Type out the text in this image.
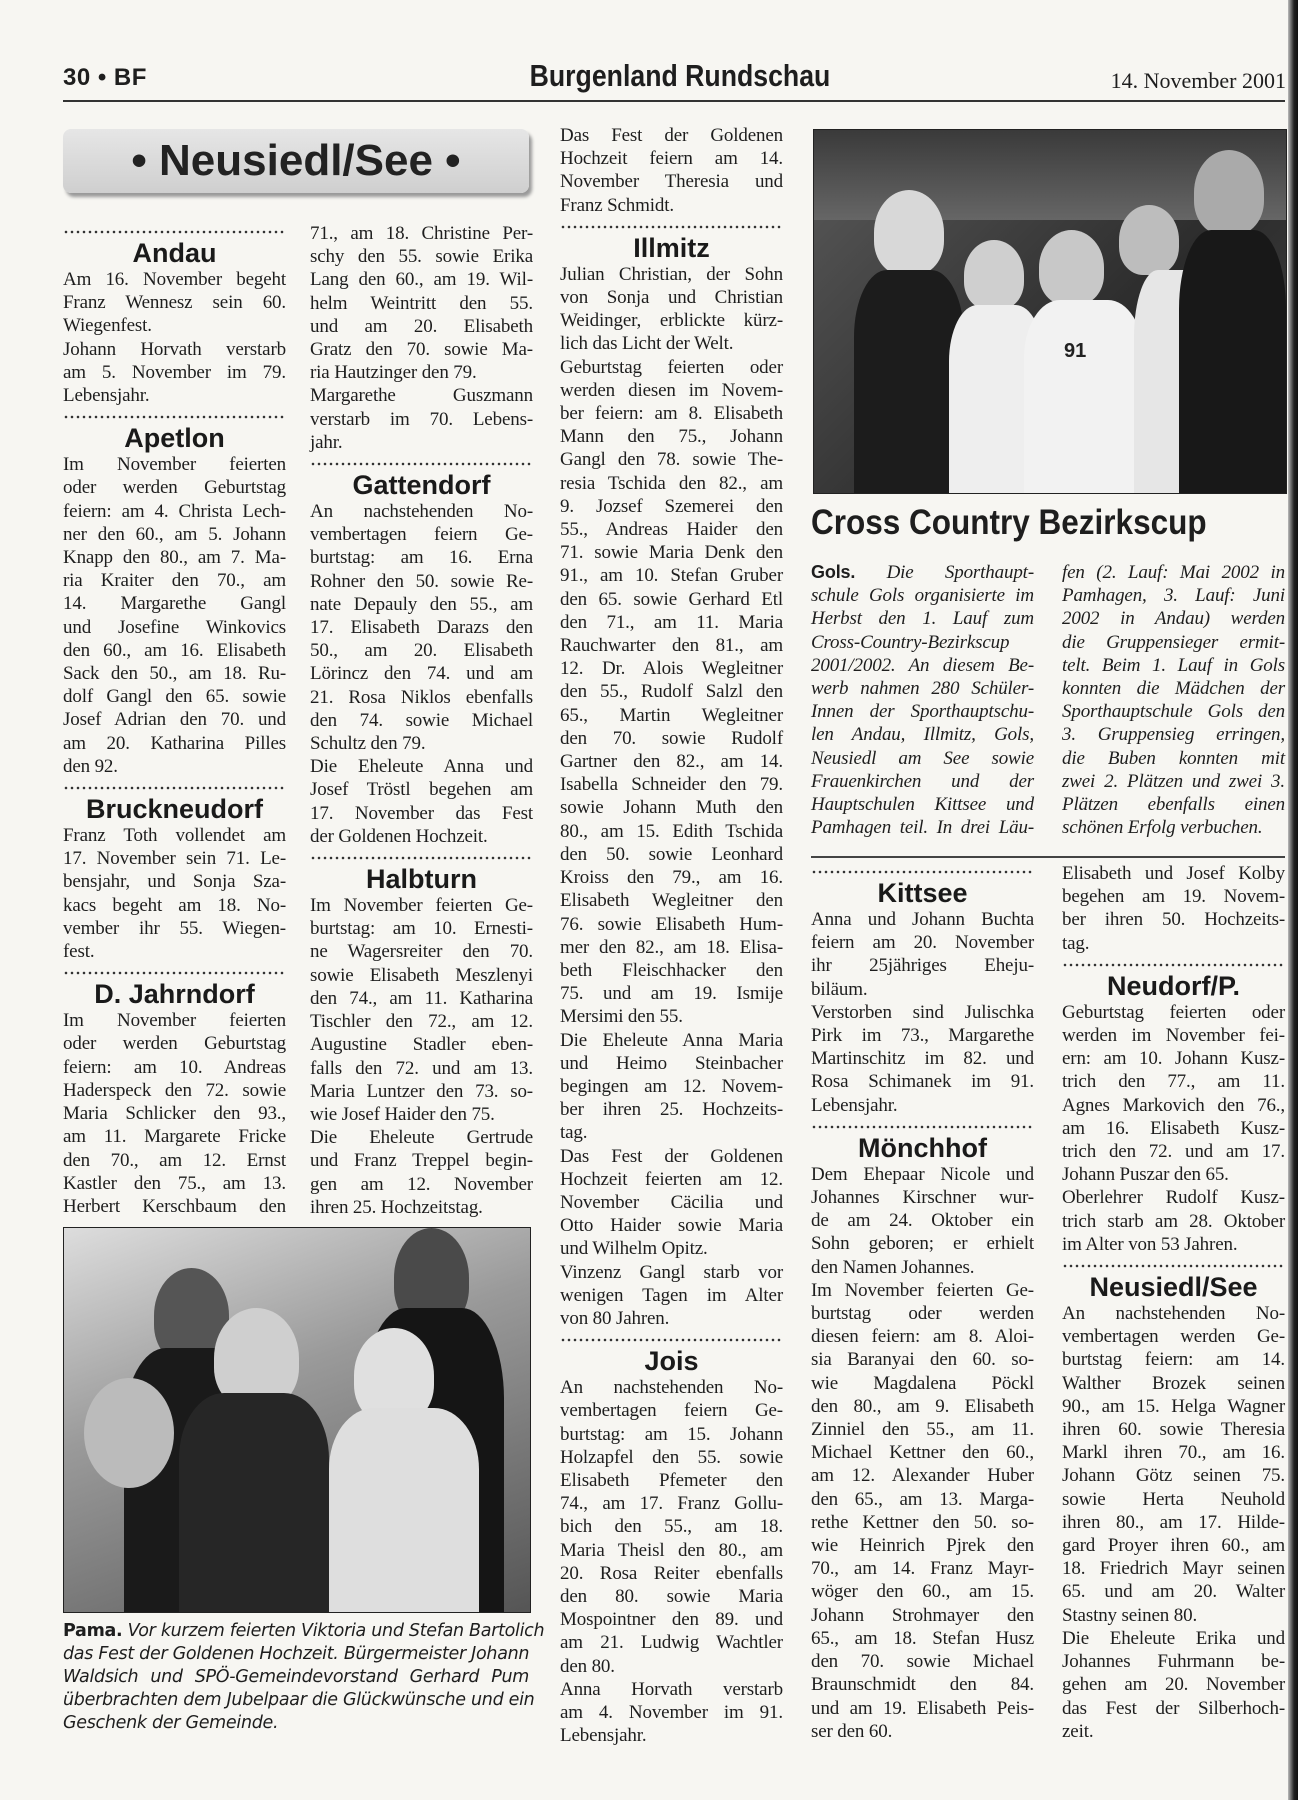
30 • BF	Burgenland Rundschau	14. November 2001
• Neusiedl/See •
Andau
Am 16. November begeht
Franz Wennesz sein 60.
Wiegenfest.
Johann Horvath verstarb
am 5. November im 79.
Lebensjahr.
Apetlon
Im November feierten
oder werden Geburtstag
feiern: am 4. Christa Lech-
ner den 60., am 5. Johann
Knapp den 80., am 7. Ma-
ria Kraiter den 70., am
14. Margarethe Gangl
und Josefine Winkovics
den 60., am 16. Elisabeth
Sack den 50., am 18. Ru-
dolf Gangl den 65. sowie
Josef Adrian den 70. und
am 20. Katharina Pilles
den 92.
Bruckneudorf
Franz Toth vollendet am
17. November sein 71. Le-
bensjahr, und Sonja Sza-
kacs begeht am 18. No-
vember ihr 55. Wiegen-
fest.
D. Jahrndorf
Im November feierten
oder werden Geburtstag
feiern: am 10. Andreas
Haderspeck den 72. sowie
Maria Schlicker den 93.,
am 11. Margarete Fricke
den 70., am 12. Ernst
Kastler den 75., am 13.
Herbert Kerschbaum den
71., am 18. Christine Per-
schy den 55. sowie Erika
Lang den 60., am 19. Wil-
helm Weintritt den 55.
und am 20. Elisabeth
Gratz den 70. sowie Ma-
ria Hautzinger den 79.
Margarethe Guszmann
verstarb im 70. Lebens-
jahr.
Gattendorf
An nachstehenden No-
vembertagen feiern Ge-
burtstag: am 16. Erna
Rohner den 50. sowie Re-
nate Depauly den 55., am
17. Elisabeth Darazs den
50., am 20. Elisabeth
Lörincz den 74. und am
21. Rosa Niklos ebenfalls
den 74. sowie Michael
Schultz den 79.
Die Eheleute Anna und
Josef Tröstl begehen am
17. November das Fest
der Goldenen Hochzeit.
Halbturn
Im November feierten Ge-
burtstag: am 10. Ernesti-
ne Wagersreiter den 70.
sowie Elisabeth Meszlenyi
den 74., am 11. Katharina
Tischler den 72., am 12.
Augustine Stadler eben-
falls den 72. und am 13.
Maria Luntzer den 73. so-
wie Josef Haider den 75.
Die Eheleute Gertrude
und Franz Treppel begin-
gen am 12. November
ihren 25. Hochzeitstag.
Das Fest der Goldenen
Hochzeit feiern am 14.
November Theresia und
Franz Schmidt.
Illmitz
Julian Christian, der Sohn
von Sonja und Christian
Weidinger, erblickte kürz-
lich das Licht der Welt.
Geburtstag feierten oder
werden diesen im Novem-
ber feiern: am 8. Elisabeth
Mann den 75., Johann
Gangl den 78. sowie The-
resia Tschida den 82., am
9. Jozsef Szemerei den
55., Andreas Haider den
71. sowie Maria Denk den
91., am 10. Stefan Gruber
den 65. sowie Gerhard Etl
den 71., am 11. Maria
Rauchwarter den 81., am
12. Dr. Alois Wegleitner
den 55., Rudolf Salzl den
65., Martin Wegleitner
den 70. sowie Rudolf
Gartner den 82., am 14.
Isabella Schneider den 79.
sowie Johann Muth den
80., am 15. Edith Tschida
den 50. sowie Leonhard
Kroiss den 79., am 16.
Elisabeth Wegleitner den
76. sowie Elisabeth Hum-
mer den 82., am 18. Elisa-
beth Fleischhacker den
75. und am 19. Ismije
Mersimi den 55.
Die Eheleute Anna Maria
und Heimo Steinbacher
begingen am 12. Novem-
ber ihren 25. Hochzeits-
tag.
Das Fest der Goldenen
Hochzeit feierten am 12.
November Cäcilia und
Otto Haider sowie Maria
und Wilhelm Opitz.
Vinzenz Gangl starb vor
wenigen Tagen im Alter
von 80 Jahren.
Jois
An nachstehenden No-
vembertagen feiern Ge-
burtstag: am 15. Johann
Holzapfel den 55. sowie
Elisabeth Pfemeter den
74., am 17. Franz Gollu-
bich den 55., am 18.
Maria Theisl den 80., am
20. Rosa Reiter ebenfalls
den 80. sowie Maria
Mospointner den 89. und
am 21. Ludwig Wachtler
den 80.
Anna Horvath verstarb
am 4. November im 91.
Lebensjahr.
Kittsee
Anna und Johann Buchta
feiern am 20. November
ihr 25jähriges Eheju-
biläum.
Verstorben sind Julischka
Pirk im 73., Margarethe
Martinschitz im 82. und
Rosa Schimanek im 91.
Lebensjahr.
Mönchhof
Dem Ehepaar Nicole und
Johannes Kirschner wur-
de am 24. Oktober ein
Sohn geboren; er erhielt
den Namen Johannes.
Im November feierten Ge-
burtstag oder werden
diesen feiern: am 8. Aloi-
sia Baranyai den 60. so-
wie Magdalena Pöckl
den 80., am 9. Elisabeth
Zinniel den 55., am 11.
Michael Kettner den 60.,
am 12. Alexander Huber
den 65., am 13. Marga-
rethe Kettner den 50. so-
wie Heinrich Pjrek den
70., am 14. Franz Mayr-
wöger den 60., am 15.
Johann Strohmayer den
65., am 18. Stefan Husz
den 70. sowie Michael
Braunschmidt den 84.
und am 19. Elisabeth Peis-
ser den 60.
Elisabeth und Josef Kolby
begehen am 19. Novem-
ber ihren 50. Hochzeits-
tag.
Neudorf/P.
Geburtstag feierten oder
werden im November fei-
ern: am 10. Johann Kusz-
trich den 77., am 11.
Agnes Markovich den 76.,
am 16. Elisabeth Kusz-
trich den 72. und am 17.
Johann Puszar den 65.
Oberlehrer Rudolf Kusz-
trich starb am 28. Oktober
im Alter von 53 Jahren.
Neusiedl/See
An nachstehenden No-
vembertagen werden Ge-
burtstag feiern: am 14.
Walther Brozek seinen
90., am 15. Helga Wagner
ihren 60. sowie Theresia
Markl ihren 70., am 16.
Johann Götz seinen 75.
sowie Herta Neuhold
ihren 80., am 17. Hilde-
gard Proyer ihren 60., am
18. Friedrich Mayr seinen
65. und am 20. Walter
Stastny seinen 80.
Die Eheleute Erika und
Johannes Fuhrmann be-
gehen am 20. November
das Fest der Silberhoch-
zeit.
91
Cross Country Bezirkscup
Gols. Die Sporthaupt-
schule Gols organisierte im
Herbst den 1. Lauf zum
Cross-Country-Bezirkscup
2001/2002. An diesem Be-
werb nahmen 280 Schüler-
Innen der Sporthauptschu-
len Andau, Illmitz, Gols,
Neusiedl am See sowie
Frauenkirchen und der
Hauptschulen Kittsee und
Pamhagen teil. In drei Läu-
fen (2. Lauf: Mai 2002 in
Pamhagen, 3. Lauf: Juni
2002 in Andau) werden
die Gruppensieger ermit-
telt. Beim 1. Lauf in Gols
konnten die Mädchen der
Sporthauptschule Gols den
3. Gruppensieg erringen,
die Buben konnten mit
zwei 2. Plätzen und zwei 3.
Plätzen ebenfalls einen
schönen Erfolg verbuchen.
Pama. Vor kurzem feierten Viktoria und Stefan Bartolich
das Fest der Goldenen Hochzeit. Bürgermeister Johann
Waldsich und SPÖ-Gemeindevorstand Gerhard Pum
überbrachten dem Jubelpaar die Glückwünsche und ein
Geschenk der Gemeinde.
